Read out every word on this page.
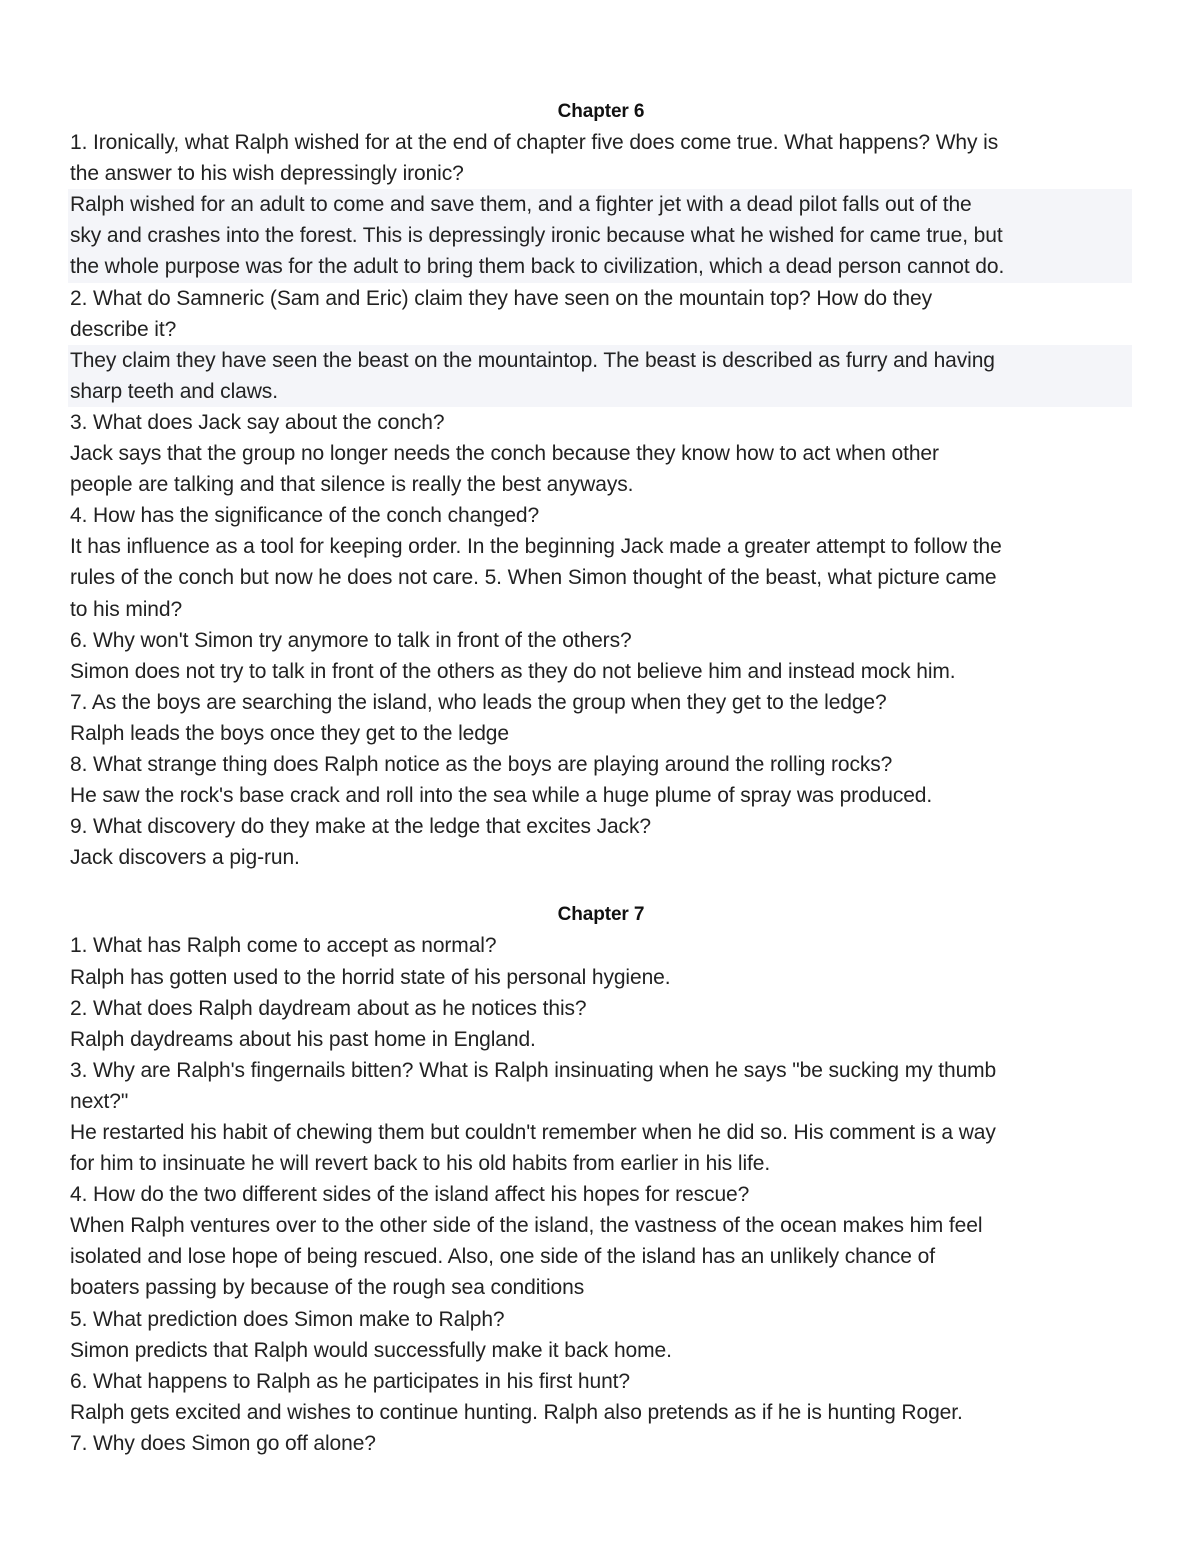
Chapter 6
1. Ironically, what Ralph wished for at the end of chapter five does come true. What happens? Why is
the answer to his wish depressingly ironic?
Ralph wished for an adult to come and save them, and a fighter jet with a dead pilot falls out of the
sky and crashes into the forest. This is depressingly ironic because what he wished for came true, but
the whole purpose was for the adult to bring them back to civilization, which a dead person cannot do.
2. What do Samneric (Sam and Eric) claim they have seen on the mountain top? How do they
describe it?
They claim they have seen the beast on the mountaintop. The beast is described as furry and having
sharp teeth and claws.
3. What does Jack say about the conch?
Jack says that the group no longer needs the conch because they know how to act when other
people are talking and that silence is really the best anyways.
4. How has the significance of the conch changed?
It has influence as a tool for keeping order. In the beginning Jack made a greater attempt to follow the
rules of the conch but now he does not care. 5. When Simon thought of the beast, what picture came
to his mind?
6. Why won't Simon try anymore to talk in front of the others?
Simon does not try to talk in front of the others as they do not believe him and instead mock him.
7. As the boys are searching the island, who leads the group when they get to the ledge?
Ralph leads the boys once they get to the ledge
8. What strange thing does Ralph notice as the boys are playing around the rolling rocks?
He saw the rock's base crack and roll into the sea while a huge plume of spray was produced.
9. What discovery do they make at the ledge that excites Jack?
Jack discovers a pig-run.
Chapter 7
1. What has Ralph come to accept as normal?
Ralph has gotten used to the horrid state of his personal hygiene.
2. What does Ralph daydream about as he notices this?
Ralph daydreams about his past home in England.
3. Why are Ralph's fingernails bitten? What is Ralph insinuating when he says "be sucking my thumb
next?"
He restarted his habit of chewing them but couldn't remember when he did so. His comment is a way
for him to insinuate he will revert back to his old habits from earlier in his life.
4. How do the two different sides of the island affect his hopes for rescue?
When Ralph ventures over to the other side of the island, the vastness of the ocean makes him feel
isolated and lose hope of being rescued. Also, one side of the island has an unlikely chance of
boaters passing by because of the rough sea conditions
5. What prediction does Simon make to Ralph?
Simon predicts that Ralph would successfully make it back home.
6. What happens to Ralph as he participates in his first hunt?
Ralph gets excited and wishes to continue hunting. Ralph also pretends as if he is hunting Roger.
7. Why does Simon go off alone?
